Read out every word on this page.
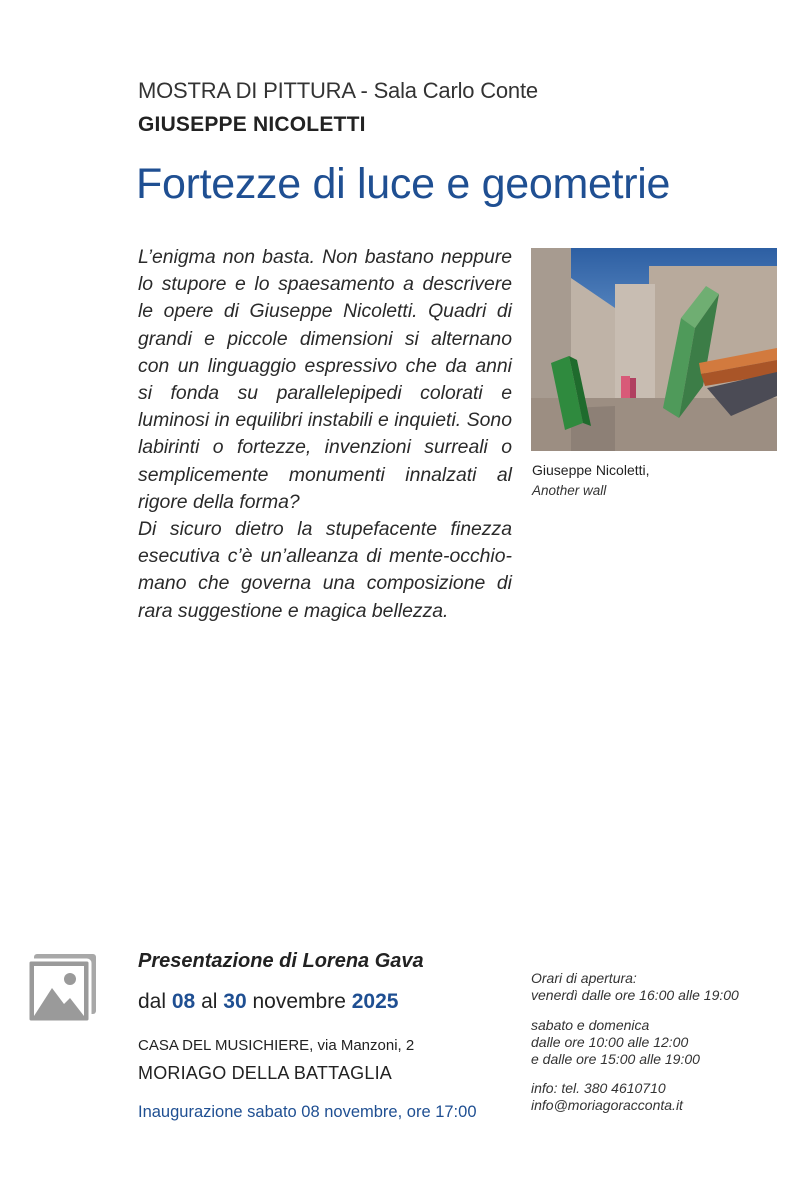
MOSTRA DI PITTURA - Sala Carlo Conte
GIUSEPPE NICOLETTI
Fortezze di luce e geometrie

L’enigma non basta. Non bastano neppure lo stupore e lo spaesamento a descrivere le opere di Giuseppe Nicoletti. Quadri di grandi e piccole dimensioni si alternano con un linguaggio espressivo che da anni si fonda su parallelepipedi colorati e luminosi in equilibri instabili e inquieti. Sono labirinti o fortezze, invenzioni surreali o semplicemente monumenti innalzati al rigore della forma?

Di sicuro dietro la stupefacente finezza esecutiva c’è un’alleanza di mente-occhio-mano che governa una composizione di rara suggestione e magica bellezza.

Giuseppe Nicoletti,
Another wall
Presentazione di Lorena Gava
dal 08 al 30 novembre 2025
CASA DEL MUSICHIERE, via Manzoni, 2
MORIAGO DELLA BATTAGLIA
Inaugurazione sabato 08 novembre, ore 17:00
Orari di apertura:
venerdì dalle ore 16:00 alle 19:00
sabato e domenica
dalle ore 10:00 alle 12:00
e dalle ore 15:00 alle 19:00
info: tel. 380 4610710
info@moriagoracconta.it
